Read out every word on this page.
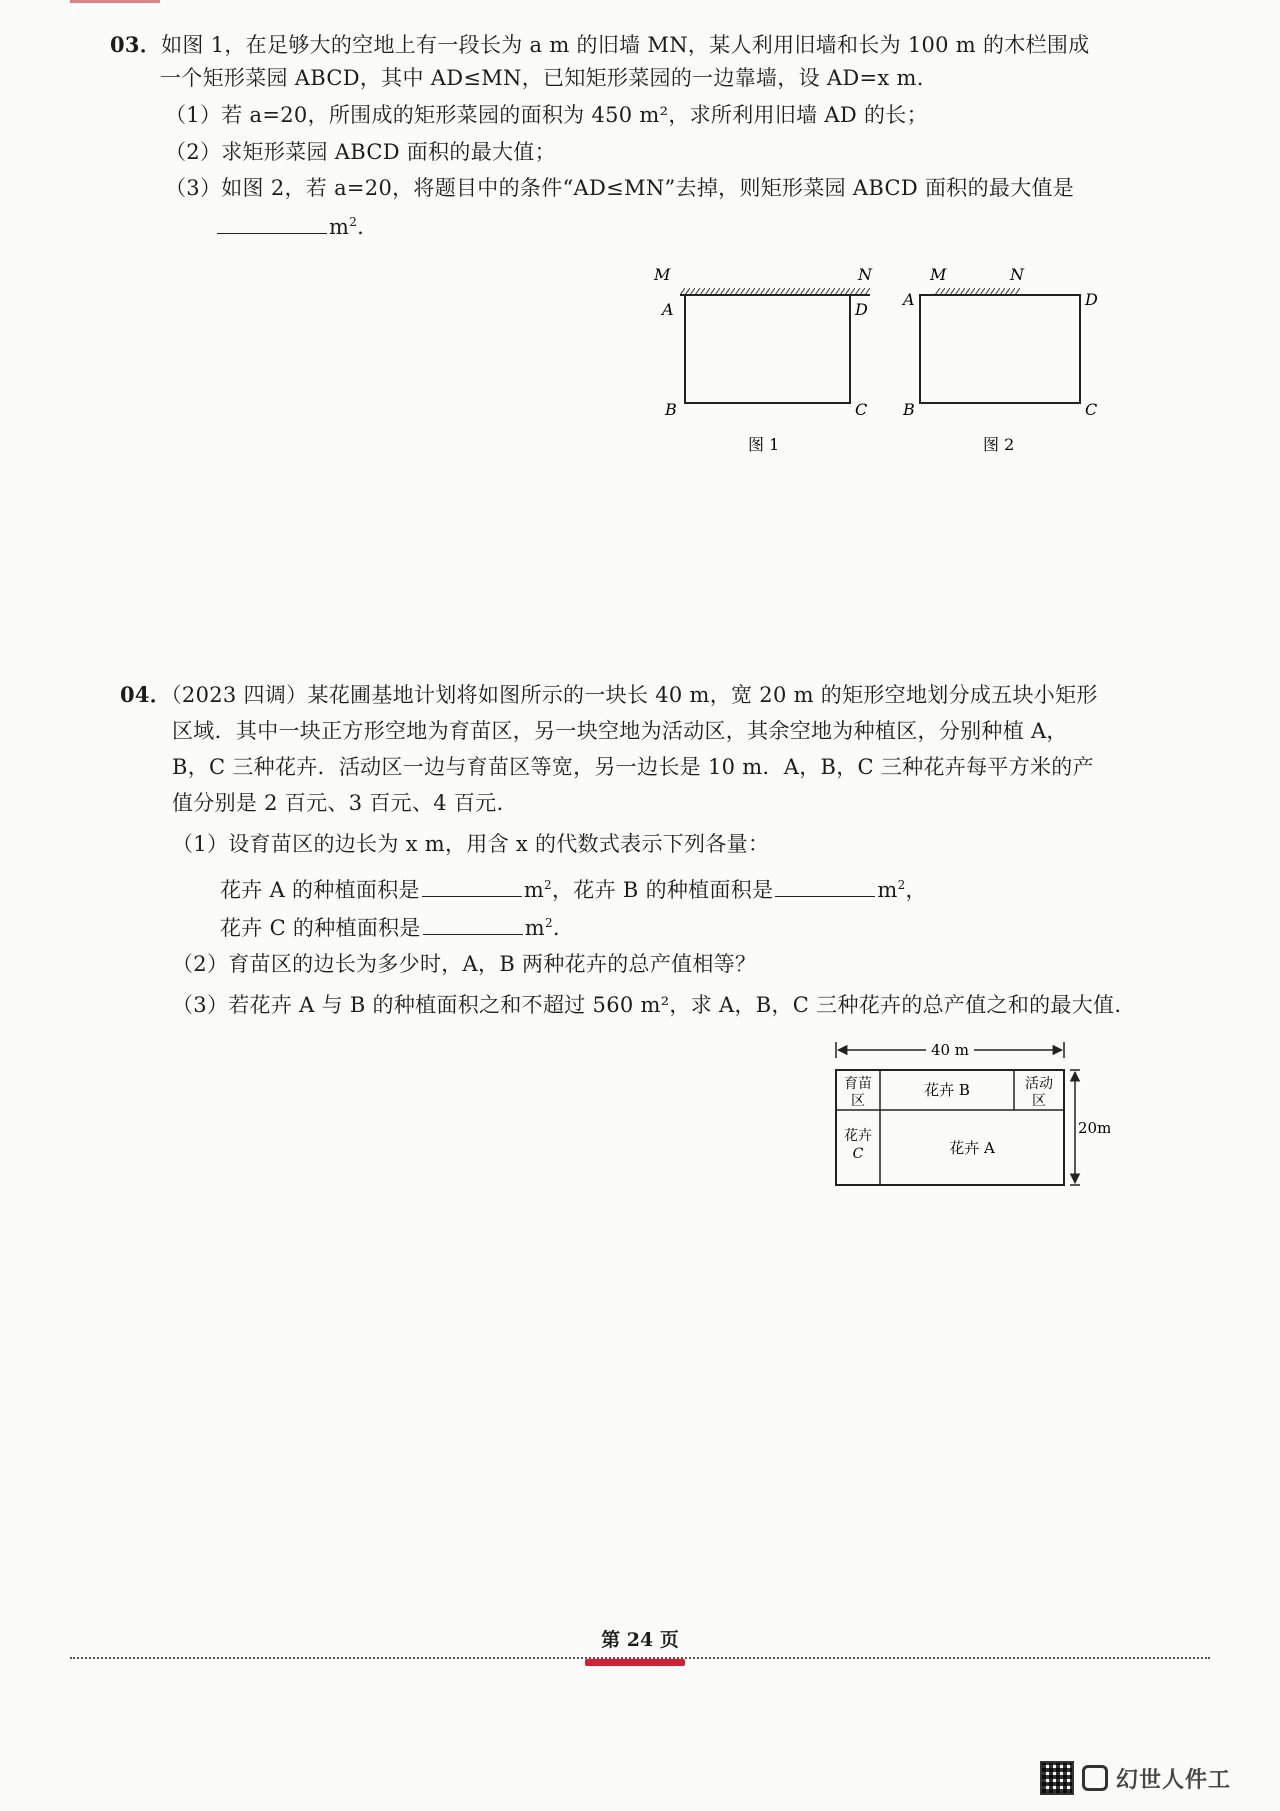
03．如图 1，在足够大的空地上有一段长为 a m 的旧墙 MN，某人利用旧墙和长为 100 m 的木栏围成
一个矩形菜园 ABCD，其中 AD≤MN，已知矩形菜园的一边靠墙，设 AD=x m.
（1）若 a=20，所围成的矩形菜园的面积为 450 m²，求所利用旧墙 AD 的长；
（2）求矩形菜园 ABCD 面积的最大值；
（3）如图 2，若 a=20，将题目中的条件“AD≤MN”去掉，则矩形菜园 ABCD 面积的最大值是
$m^2$.
M	N
A	D
B	C
图 1
M	N
A	D
B	C
图 2
04．（2023 四调）某花圃基地计划将如图所示的一块长 40 m，宽 20 m 的矩形空地划分成五块小矩形
区域．其中一块正方形空地为育苗区，另一块空地为活动区，其余空地为种植区，分别种植 A，
B，C 三种花卉．活动区一边与育苗区等宽，另一边长是 10 m．A，B，C 三种花卉每平方米的产
值分别是 2 百元、3 百元、4 百元.
（1）设育苗区的边长为 x m，用含 x 的代数式表示下列各量：
花卉 A 的种植面积是	$m^2$，花卉 B 的种植面积是	$m^2$，
花卉 C 的种植面积是	$m^2$.
（2）育苗区的边长为多少时，A，B 两种花卉的总产值相等？
（3）若花卉 A 与 B 的种植面积之和不超过 560 m²，求 A，B，C 三种花卉的总产值之和的最大值.
40 m
育苗
区
花卉 B	活动
区
花卉
C	花卉 A
20m
第 24 页
幻世人件工
